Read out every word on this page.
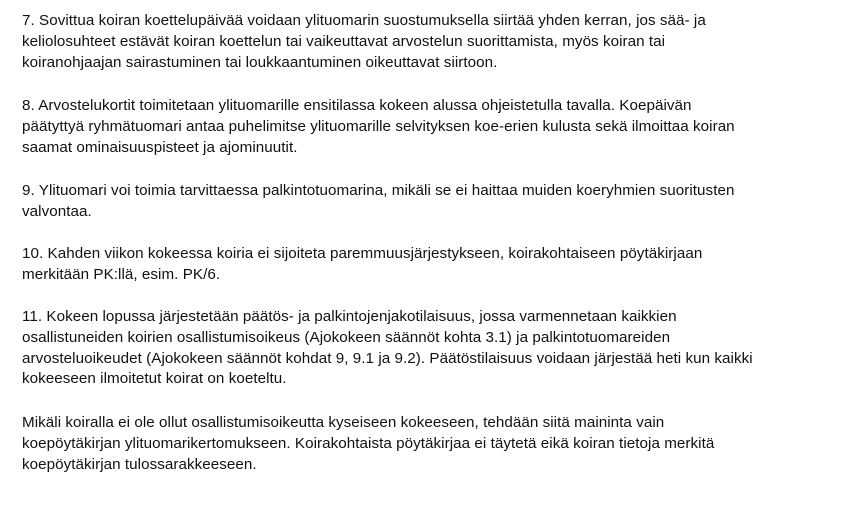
7. Sovittua koiran koettelupäivää voidaan ylituomarin suostumuksella siirtää yhden kerran, jos sää- ja
keliolosuhteet estävät koiran koettelun tai vaikeuttavat arvostelun suorittamista, myös koiran tai
koiranohjaajan sairastuminen tai loukkaantuminen oikeuttavat siirtoon.

8. Arvostelukortit toimitetaan ylituomarille ensitilassa kokeen alussa ohjeistetulla tavalla. Koepäivän
päätyttyä ryhmätuomari antaa puhelimitse ylituomarille selvityksen koe-erien kulusta sekä ilmoittaa koiran
saamat ominaisuuspisteet ja ajominuutit.

9. Ylituomari voi toimia tarvittaessa palkintotuomarina, mikäli se ei haittaa muiden koeryhmien suoritusten
valvontaa.

10. Kahden viikon kokeessa koiria ei sijoiteta paremmuusjärjestykseen, koirakohtaiseen pöytäkirjaan
merkitään PK:llä, esim. PK/6.

11. Kokeen lopussa järjestetään päätös- ja palkintojenjakotilaisuus, jossa varmennetaan kaikkien
osallistuneiden koirien osallistumisoikeus (Ajokokeen säännöt kohta 3.1) ja palkintotuomareiden
arvosteluoikeudet (Ajokokeen säännöt kohdat 9, 9.1 ja 9.2). Päätöstilaisuus voidaan järjestää heti kun kaikki
kokeeseen ilmoitetut koirat on koeteltu.

Mikäli koiralla ei ole ollut osallistumisoikeutta kyseiseen kokeeseen, tehdään siitä maininta vain
koepöytäkirjan ylituomarikertomukseen. Koirakohtaista pöytäkirjaa ei täytetä eikä koiran tietoja merkitä
koepöytäkirjan tulossarakkeeseen.
